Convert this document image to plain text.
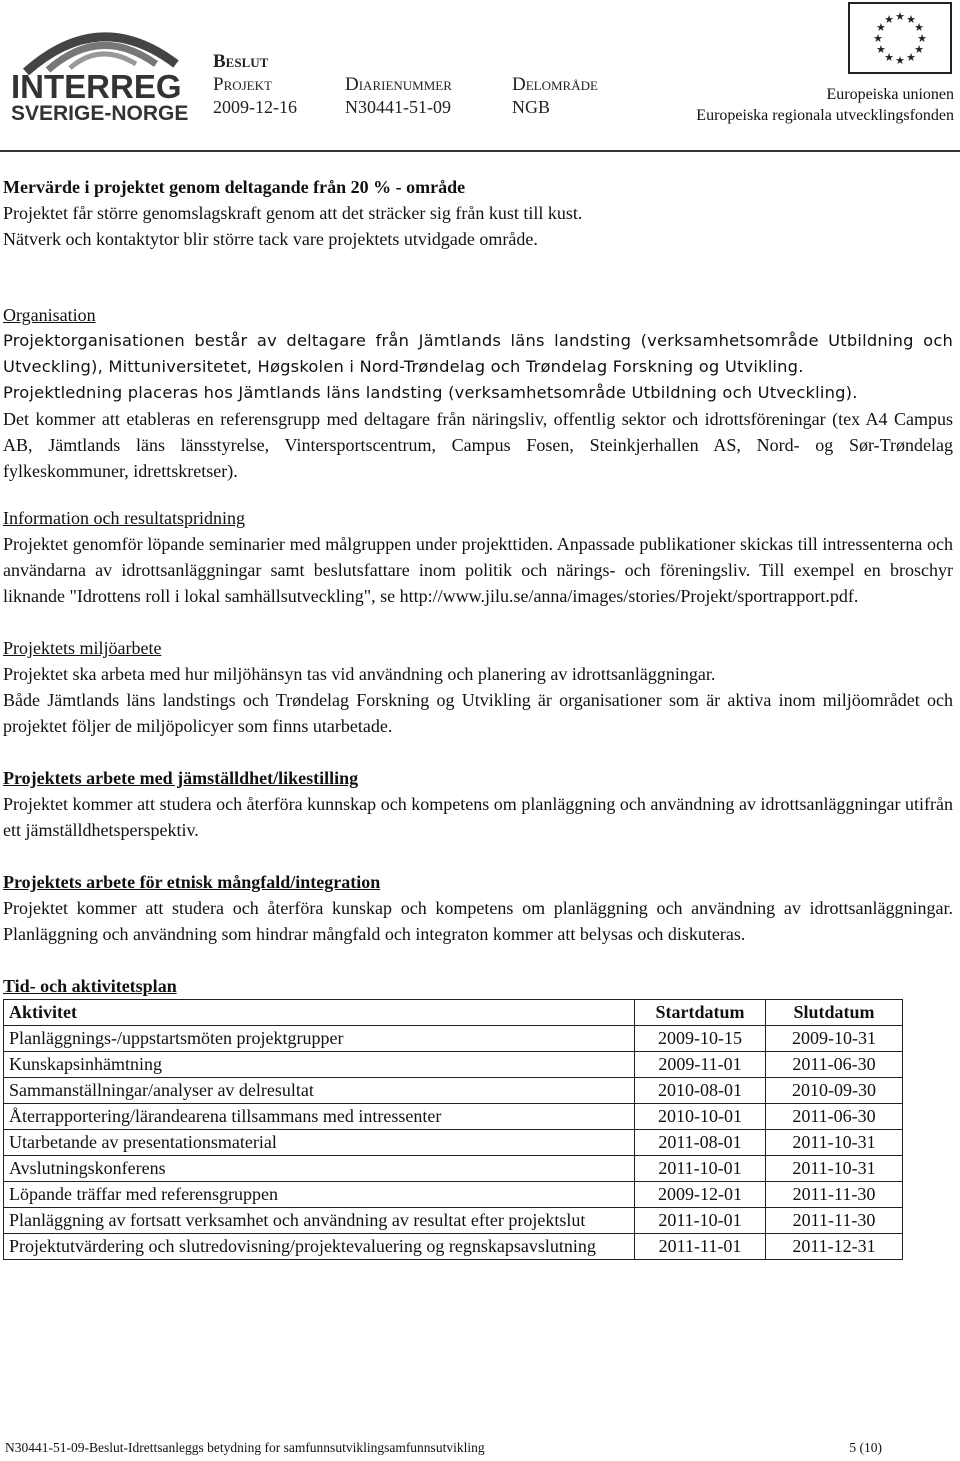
INTERREG
SVERIGE-NORGE
Beslut
Projekt
2009-12-16
Diarienummer
N30441-51-09
Delområde
NGB
★
★
★
★
★
★
★
★
★ ★ ★
★
Europeiska unionen
Europeiska regionala utvecklingsfonden

Mervärde i projektet genom deltagande från 20 % - område

Projektet får större genomslagskraft genom att det sträcker sig från kust till kust.

Nätverk och kontaktytor blir större tack vare projektets utvidgade område.

Organisation

Projektorganisationen består av deltagare från Jämtlands läns landsting (verksamhetsområde Utbildning och Utveckling), Mittuniversitetet, Høgskolen i Nord-Trøndelag och Trøndelag Forskning og Utvikling.

Projektledning placeras hos Jämtlands läns landsting (verksamhetsområde Utbildning och Utveckling).

Det kommer att etableras en referensgrupp med deltagare från näringsliv, offentlig sektor och idrottsföreningar (tex A4 Campus AB, Jämtlands läns länsstyrelse, Vintersportscentrum, Campus Fosen, Steinkjerhallen AS, Nord- og Sør-Trøndelag fylkeskommuner, idrettskretser).

Information och resultatspridning

Projektet genomför löpande seminarier med målgruppen under projekttiden. Anpassade publikationer skickas till intressenterna och användarna av idrottsanläggningar samt beslutsfattare inom politik och närings- och föreningsliv. Till exempel en broschyr liknande "Idrottens roll i lokal samhällsutveckling", se http://www.jilu.se/anna/images/stories/Projekt/sportrapport.pdf.

Projektets miljöarbete

Projektet ska arbeta med hur miljöhänsyn tas vid användning och planering av idrottsanläggningar.

Både Jämtlands läns landstings och Trøndelag Forskning og Utvikling är organisationer som är aktiva inom miljöområdet och projektet följer de miljöpolicyer som finns utarbetade.

Projektets arbete med jämställdhet/likestilling

Projektet kommer att studera och återföra kunnskap och kompetens om planläggning och användning av idrottsanläggningar utifrån ett jämställdhetsperspektiv.

Projektets arbete för etnisk mångfald/integration

Projektet kommer att studera och återföra kunskap och kompetens om planläggning och användning av idrottsanläggningar. Planläggning och användning som hindrar mångfald och integraton kommer att belysas och diskuteras.

Tid- och aktivitetsplan

Aktivitet	Startdatum	Slutdatum
Planläggnings-/uppstartsmöten projektgrupper	2009-10-15	2009-10-31
Kunskapsinhämtning	2009-11-01	2011-06-30
Sammanställningar/analyser av delresultat	2010-08-01	2010-09-30
Återrapportering/lärandearena tillsammans med intressenter	2010-10-01	2011-06-30
Utarbetande av presentationsmaterial	2011-08-01	2011-10-31
Avslutningskonferens	2011-10-01	2011-10-31
Löpande träffar med referensgruppen	2009-12-01	2011-11-30
Planläggning av fortsatt verksamhet och användning av resultat efter projektslut	2011-10-01	2011-11-30
Projektutvärdering och slutredovisning/projektevaluering og regnskapsavslutning	2011-11-01	2011-12-31
N30441-51-09-Beslut-Idrettsanleggs betydning for samfunnsutviklingsamfunnsutvikling	5 (10)
